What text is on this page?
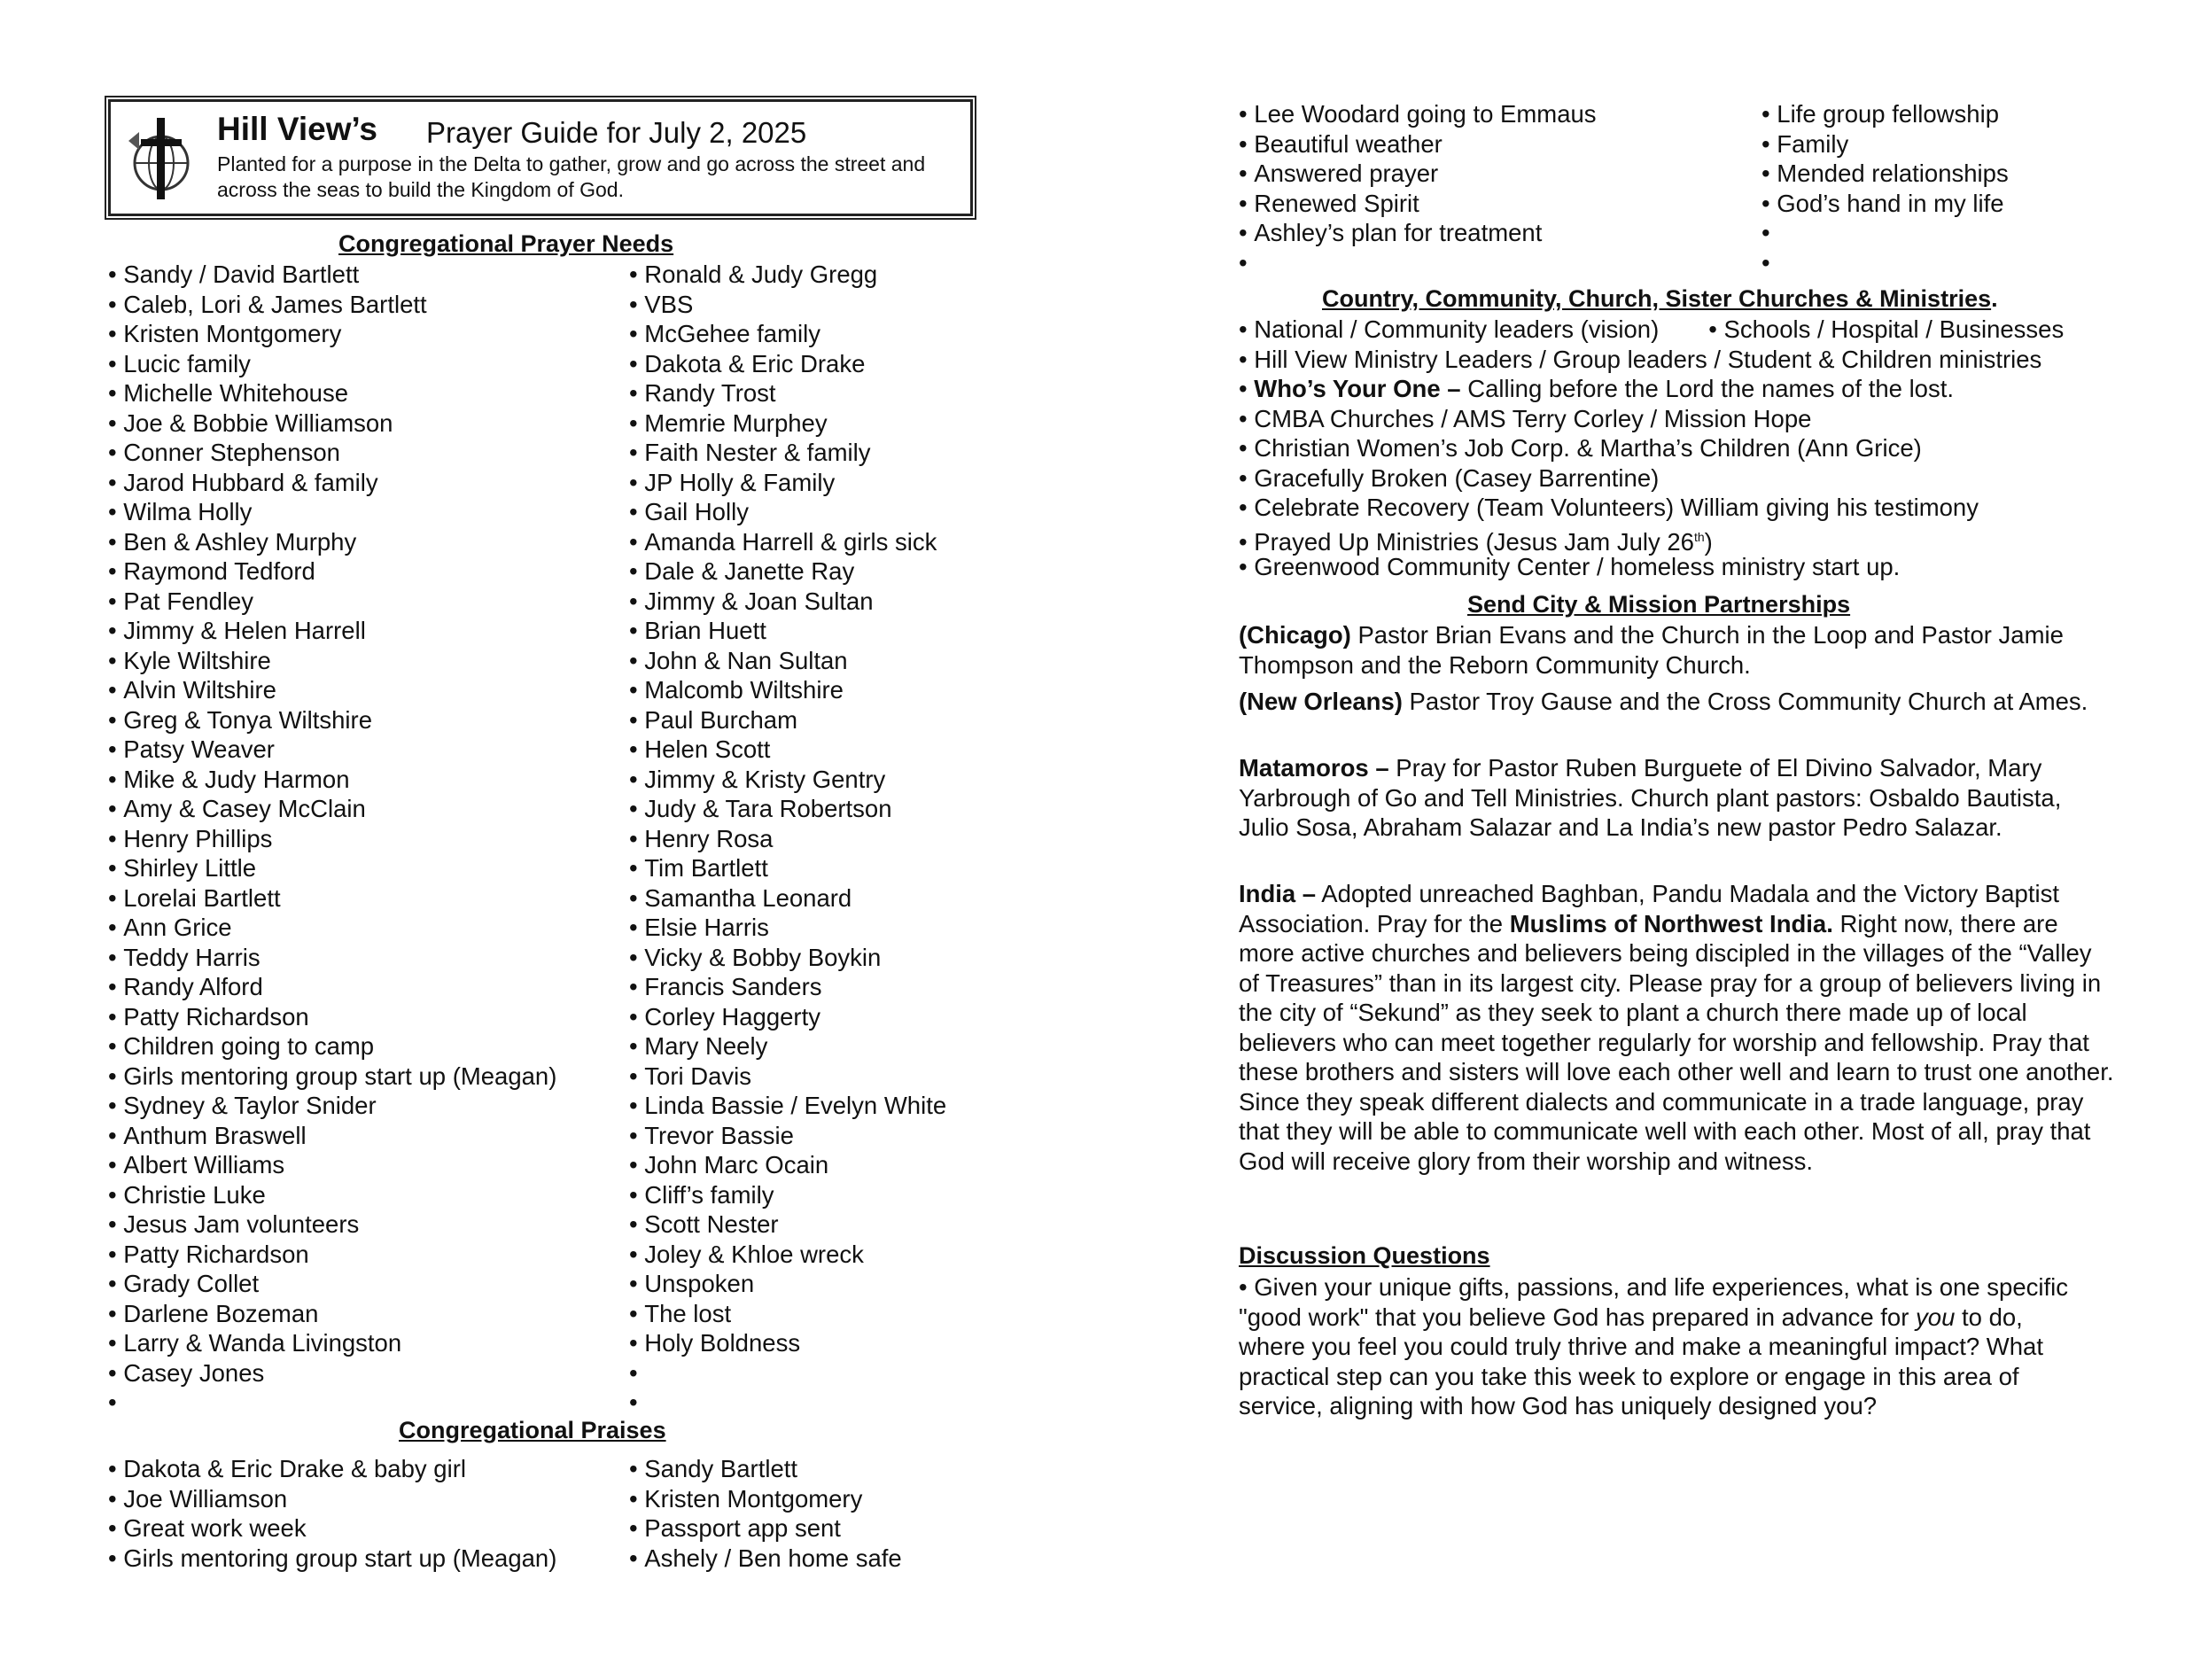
Hill View’s Prayer Guide for July 2, 2025
Planted for a purpose in the Delta to gather, grow and go across the street and across the seas to build the Kingdom of God.
Congregational Prayer Needs
• Sandy / David Bartlett
• Caleb, Lori & James Bartlett
• Kristen Montgomery
• Lucic family
• Michelle Whitehouse
• Joe & Bobbie Williamson
• Conner Stephenson
• Jarod Hubbard & family
• Wilma Holly
• Ben & Ashley Murphy
• Raymond Tedford
• Pat Fendley
• Jimmy & Helen Harrell
• Kyle Wiltshire
• Alvin Wiltshire
• Greg & Tonya Wiltshire
• Patsy Weaver
• Mike & Judy Harmon
• Amy & Casey McClain
• Henry Phillips
• Shirley Little
• Lorelai Bartlett
• Ann Grice
• Teddy Harris
• Randy Alford
• Patty Richardson
• Children going to camp
• Girls mentoring group start up (Meagan)
• Sydney & Taylor Snider
• Anthum Braswell
• Albert Williams
• Christie Luke
• Jesus Jam volunteers
• Patty Richardson
• Grady Collet
• Darlene Bozeman
• Larry & Wanda Livingston
• Casey Jones
•
• Ronald & Judy Gregg
• VBS
• McGehee family
• Dakota & Eric Drake
• Randy Trost
• Memrie Murphey
• Faith Nester & family
• JP Holly & Family
• Gail Holly
• Amanda Harrell & girls sick
• Dale & Janette Ray
• Jimmy & Joan Sultan
• Brian Huett
• John & Nan Sultan
• Malcomb Wiltshire
• Paul Burcham
• Helen Scott
• Jimmy & Kristy Gentry
• Judy & Tara Robertson
• Henry Rosa
• Tim Bartlett
• Samantha Leonard
• Elsie Harris
• Vicky & Bobby Boykin
• Francis Sanders
• Corley Haggerty
• Mary Neely
• Tori Davis
• Linda Bassie / Evelyn White
• Trevor Bassie
• John Marc Ocain
• Cliff’s family
• Scott Nester
• Joley & Khloe wreck
• Unspoken
• The lost
• Holy Boldness
•
•
Congregational Praises
• Dakota & Eric Drake & baby girl
• Joe Williamson
• Great work week
• Girls mentoring group start up (Meagan)
• Sandy Bartlett
• Kristen Montgomery
• Passport app sent
• Ashely / Ben home safe
• Lee Woodard going to Emmaus
• Beautiful weather
• Answered prayer
• Renewed Spirit
• Ashley’s plan for treatment
•
• Life group fellowship
• Family
• Mended relationships
• God’s hand in my life
•
•
Country, Community, Church, Sister Churches & Ministries.
• National / Community leaders (vision) • Schools / Hospital / Businesses
• Hill View Ministry Leaders / Group leaders / Student & Children ministries
• Who’s Your One – Calling before the Lord the names of the lost.
• CMBA Churches / AMS Terry Corley / Mission Hope
• Christian Women’s Job Corp. & Martha’s Children (Ann Grice)
• Gracefully Broken (Casey Barrentine)
• Celebrate Recovery (Team Volunteers) William giving his testimony
• Prayed Up Ministries (Jesus Jam July 26th)
• Greenwood Community Center / homeless ministry start up.
Send City & Mission Partnerships
(Chicago) Pastor Brian Evans and the Church in the Loop and Pastor Jamie Thompson and the Reborn Community Church.
(New Orleans) Pastor Troy Gause and the Cross Community Church at Ames.
Matamoros – Pray for Pastor Ruben Burguete of El Divino Salvador, Mary Yarbrough of Go and Tell Ministries. Church plant pastors: Osbaldo Bautista, Julio Sosa, Abraham Salazar and La India’s new pastor Pedro Salazar.
India – Adopted unreached Baghban, Pandu Madala and the Victory Baptist Association. Pray for the Muslims of Northwest India. Right now, there are more active churches and believers being discipled in the villages of the “Valley of Treasures” than in its largest city. Please pray for a group of believers living in the city of “Sekund” as they seek to plant a church there made up of local believers who can meet together regularly for worship and fellowship. Pray that these brothers and sisters will love each other well and learn to trust one another. Since they speak different dialects and communicate in a trade language, pray that they will be able to communicate well with each other. Most of all, pray that God will receive glory from their worship and witness.
Discussion Questions
• Given your unique gifts, passions, and life experiences, what is one specific "good work" that you believe God has prepared in advance for you to do, where you feel you could truly thrive and make a meaningful impact? What practical step can you take this week to explore or engage in this area of service, aligning with how God has uniquely designed you?
